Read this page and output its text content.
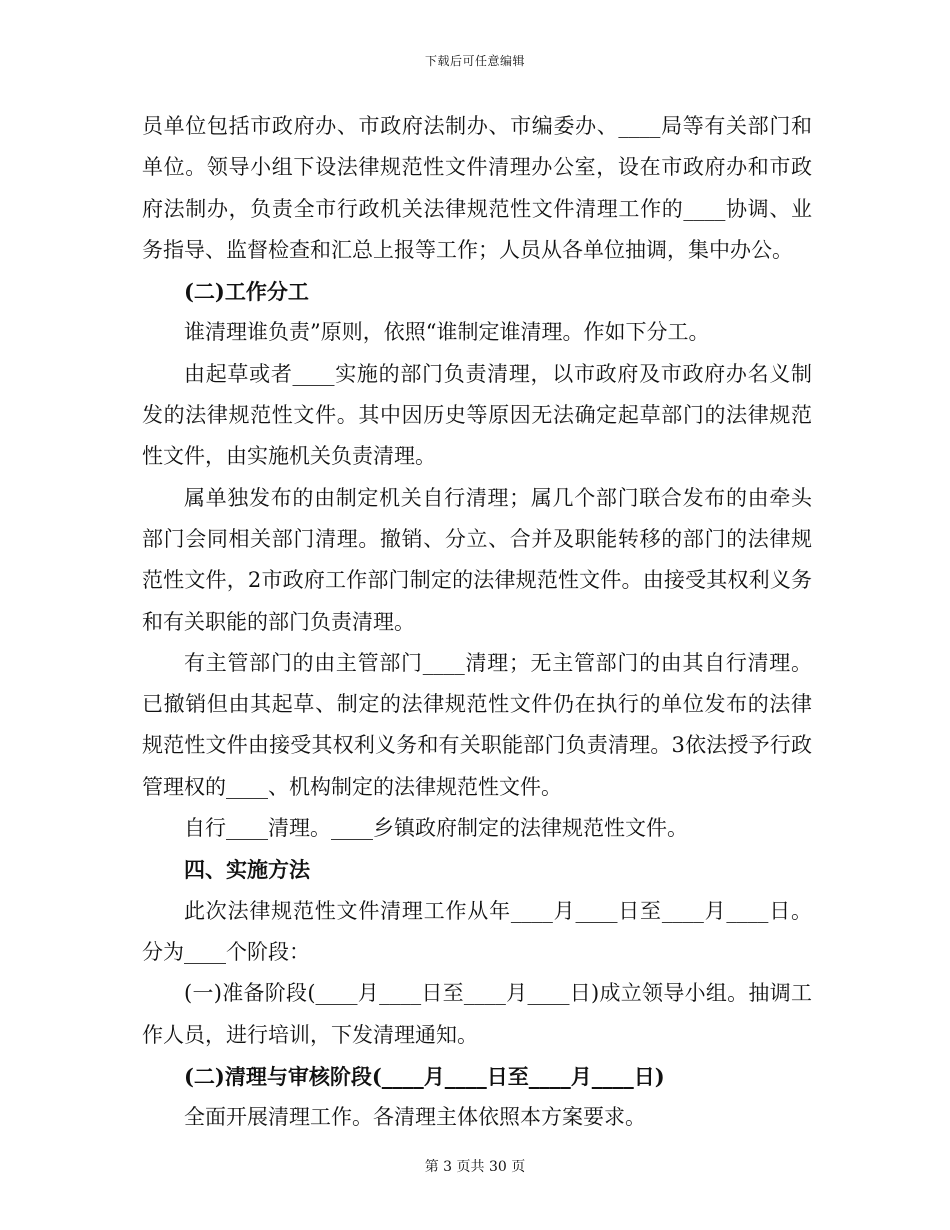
下载后可任意编辑

员单位包括市政府办、市政府法制办、市编委办、____局等有关部门和单位。领导小组下设法律规范性文件清理办公室，设在市政府办和市政府法制办，负责全市行政机关法律规范性文件清理工作的____协调、业务指导、监督检查和汇总上报等工作；人员从各单位抽调，集中办公。

(二)工作分工

谁清理谁负责”原则，依照“谁制定谁清理。作如下分工。

由起草或者____实施的部门负责清理，以市政府及市政府办名义制发的法律规范性文件。其中因历史等原因无法确定起草部门的法律规范性文件，由实施机关负责清理。

属单独发布的由制定机关自行清理；属几个部门联合发布的由牵头部门会同相关部门清理。撤销、分立、合并及职能转移的部门的法律规范性文件，2市政府工作部门制定的法律规范性文件。由接受其权利义务和有关职能的部门负责清理。

有主管部门的由主管部门____清理；无主管部门的由其自行清理。已撤销但由其起草、制定的法律规范性文件仍在执行的单位发布的法律规范性文件由接受其权利义务和有关职能部门负责清理。3依法授予行政管理权的____、机构制定的法律规范性文件。

自行____清理。____乡镇政府制定的法律规范性文件。

四、实施方法

此次法律规范性文件清理工作从年____月____日至____月____日。分为____个阶段：

(一)准备阶段(____月____日至____月____日)成立领导小组。抽调工作人员，进行培训，下发清理通知。

(二)清理与审核阶段(____月____日至____月____日)

全面开展清理工作。各清理主体依照本方案要求。

第 3 页共 30 页
